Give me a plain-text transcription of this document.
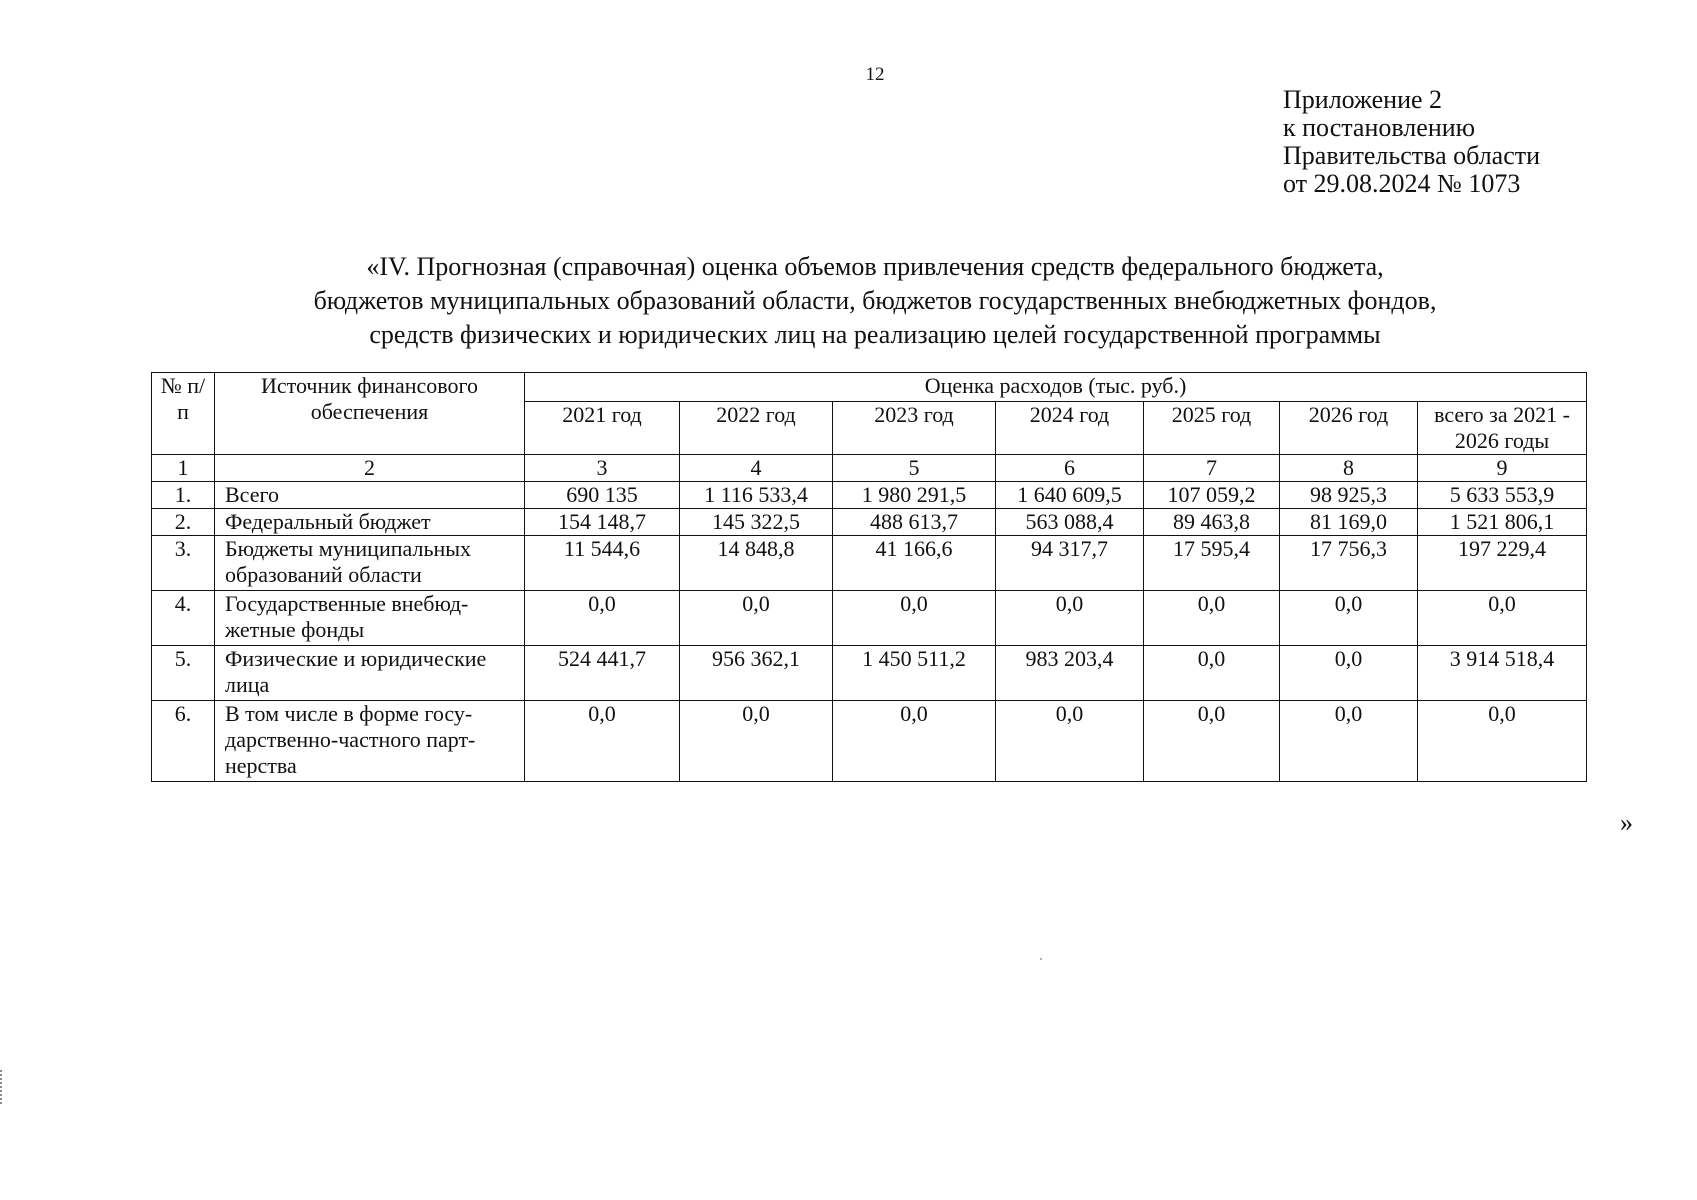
12
Приложение 2
к постановлению
Правительства области
от 29.08.2024 № 1073
«IV. Прогнозная (справочная) оценка объемов привлечения средств федерального бюджета,
бюджетов муниципальных образований области, бюджетов государственных внебюджетных фондов,
средств физических и юридических лиц на реализацию целей государственной программы
№ п/п	Источник финансового обеспечения	Оценка расходов (тыс. руб.)						
		2021 год	2022 год	2023 год	2024 год	2025 год	2026 год	всего за 2021 - 2026 годы
1	2	3	4	5	6	7	8	9
1.	Всего	690 135	1 116 533,4	1 980 291,5	1 640 609,5	107 059,2	98 925,3	5 633 553,9
2.	Федеральный бюджет	154 148,7	145 322,5	488 613,7	563 088,4	89 463,8	81 169,0	1 521 806,1
3.	Бюджеты муниципальных образований области	11 544,6	14 848,8	41 166,6	94 317,7	17 595,4	17 756,3	197 229,4
4.	Государственные внебюд-жетные фонды	0,0	0,0	0,0	0,0	0,0	0,0	0,0
5.	Физические и юридические лица	524 441,7	956 362,1	1 450 511,2	983 203,4	0,0	0,0	3 914 518,4
6.	В том числе в форме госу-дарственно-частного парт-нерства	0,0	0,0	0,0	0,0	0,0	0,0	0,0
»
